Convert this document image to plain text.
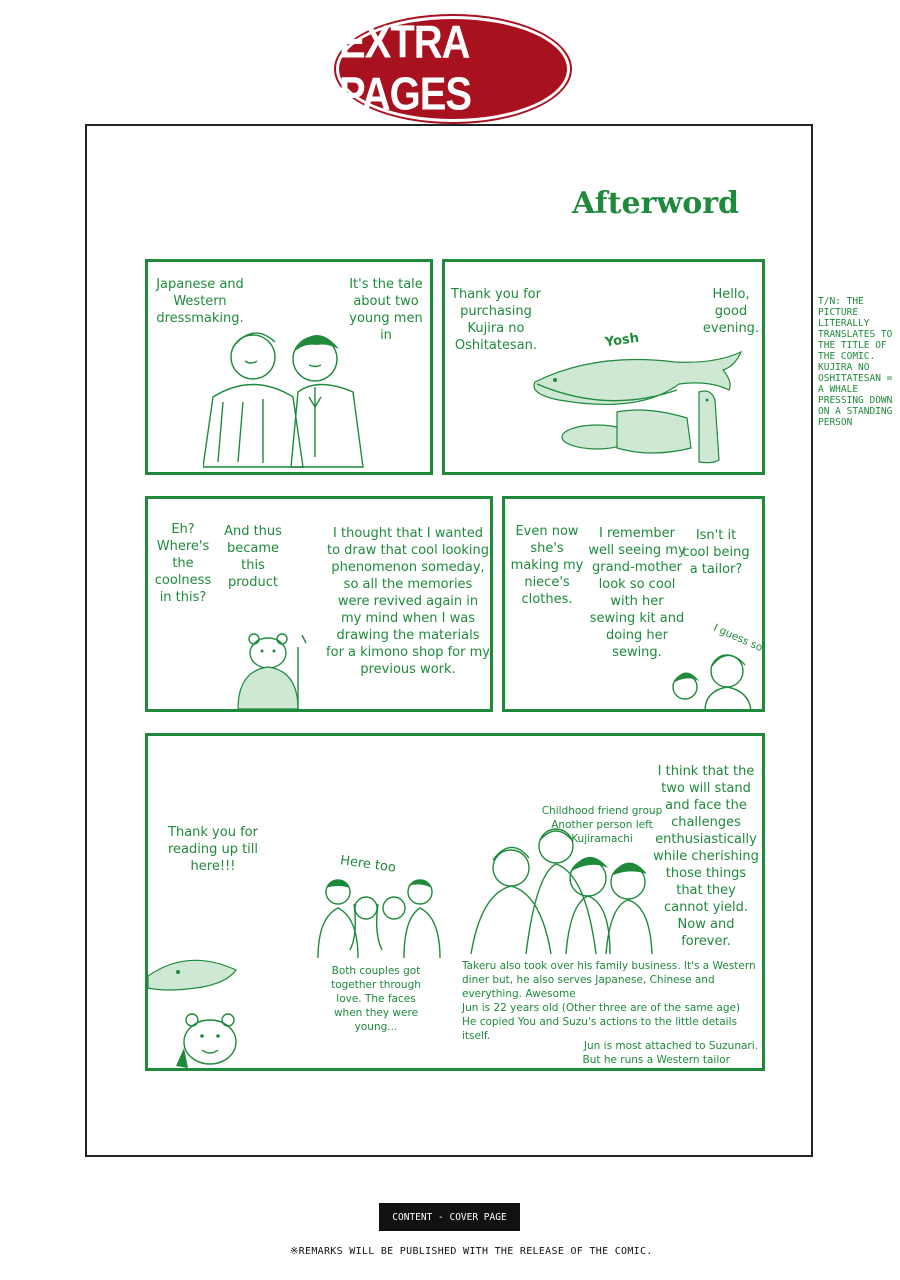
EXTRA PAGES
Afterword
Japanese and Western dressmaking.
It's the tale about two young men in
Thank you for purchasing Kujira no Oshitatesan.
Hello, good evening.
Yosh
Eh? Where's the coolness in this?
And thus became this product
I thought that I wanted to draw that cool looking phenomenon someday, so all the memories were revived again in my mind when I was drawing the materials for a kimono shop for my previous work.
Even now she's making my niece's clothes.
I remember well seeing my grand-mother look so cool with her sewing kit and doing her sewing.
Isn't it cool being a tailor?
I guess so
Thank you for reading up till here!!!	Here too
Both couples got together through love. The faces when they were young...
Childhood friend group
Another person left
Kujiramachi
I think that the two will stand and face the challenges enthusiastically while cherishing those things that they cannot yield. Now and forever.
Takeru also took over his family business. It's a Western diner but, he also serves Japanese, Chinese and everything. Awesome
Jun is 22 years old (Other three are of the same age)
He copied You and Suzu's actions to the little details itself.
Jun is most attached to Suzunari.
But he runs a Western tailor
T/N: THE PICTURE LITERALLY TRANSLATES TO THE TITLE OF THE COMIC. KUJIRA NO OSHITATESAN = A WHALE PRESSING DOWN ON A STANDING PERSON
CONTENT - COVER PAGE
※REMARKS WILL BE PUBLISHED WITH THE RELEASE OF THE COMIC.
